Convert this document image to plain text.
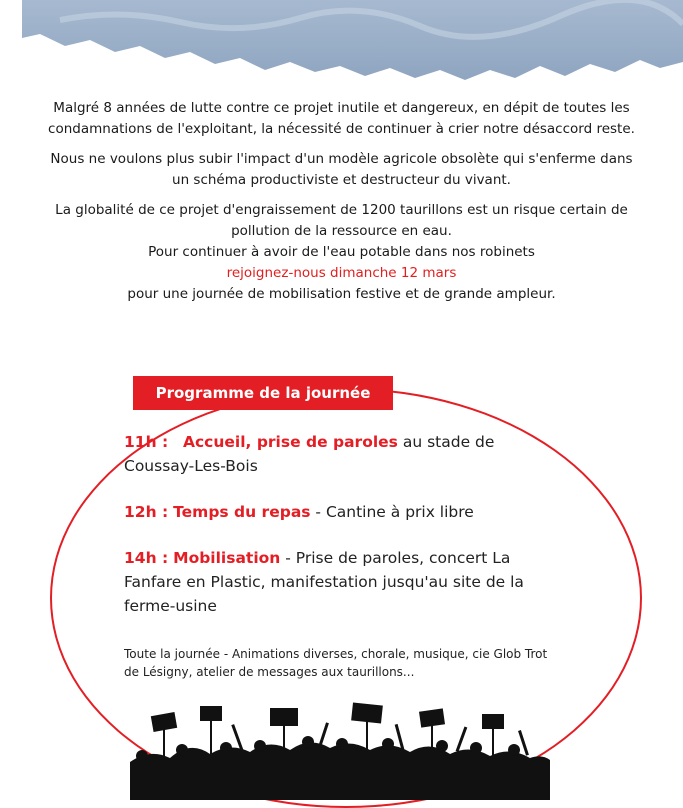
Malgré 8 années de lutte contre ce projet inutile et dangereux, en dépit de toutes les condamnations de l'exploitant, la nécessité de continuer à crier notre désaccord reste.

Nous ne voulons plus subir l'impact d'un modèle agricole obsolète qui s'enferme dans un schéma productiviste et destructeur du vivant.

La globalité de ce projet d'engraissement de 1200 taurillons est un risque certain de pollution de la ressource en eau.
Pour continuer à avoir de l'eau potable dans nos robinets
rejoignez-nous dimanche 12 mars
pour une journée de mobilisation festive et de grande ampleur.

Programme de la journée
11h : Accueil, prise de paroles au stade de Coussay-Les-Bois
12h : Temps du repas - Cantine à prix libre
14h : Mobilisation - Prise de paroles, concert La Fanfare en Plastic, manifestation jusqu'au site de la ferme-usine
Toute la journée - Animations diverses, chorale, musique, cie Glob Trot de Lésigny, atelier de messages aux taurillons...
